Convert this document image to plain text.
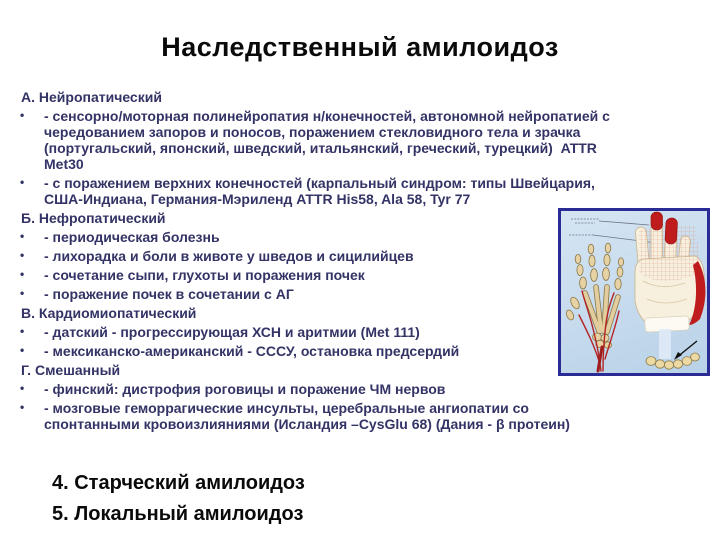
Наследственный амилоидоз
А. Нейропатический
• - сенсорно/моторная полинейропатия н/конечностей, автономной нейропатией с
чередованием запоров и поносов, поражением стекловидного тела и зрачка
(португальский, японский, шведский, итальянский, греческий, турецкий)  ATTR
Met30
• - с поражением верхних конечностей (карпальный синдром: типы Швейцария,
США-Индиана, Германия-Мэриленд ATTR His58, Ala 58, Tyr 77
Б. Нефропатический
• - периодическая болезнь
• - лихорадка и боли в животе у шведов и сицилийцев
• - сочетание сыпи, глухоты и поражения почек
• - поражение почек в сочетании с АГ
В. Кардиомиопатический
• - датский - прогрессирующая ХСН и аритмии (Met 111)
• - мексиканско-американский - СССУ, остановка предсердий
Г. Смешанный
• - финский: дистрофия роговицы и поражение ЧМ нервов
• - мозговые геморрагические инсульты, церебральные ангиопатии со
спонтанными кровоизлияниями (Исландия –CysGlu 68) (Дания - β протеин)
4. Старческий амилоидоз
5. Локальный амилоидоз
